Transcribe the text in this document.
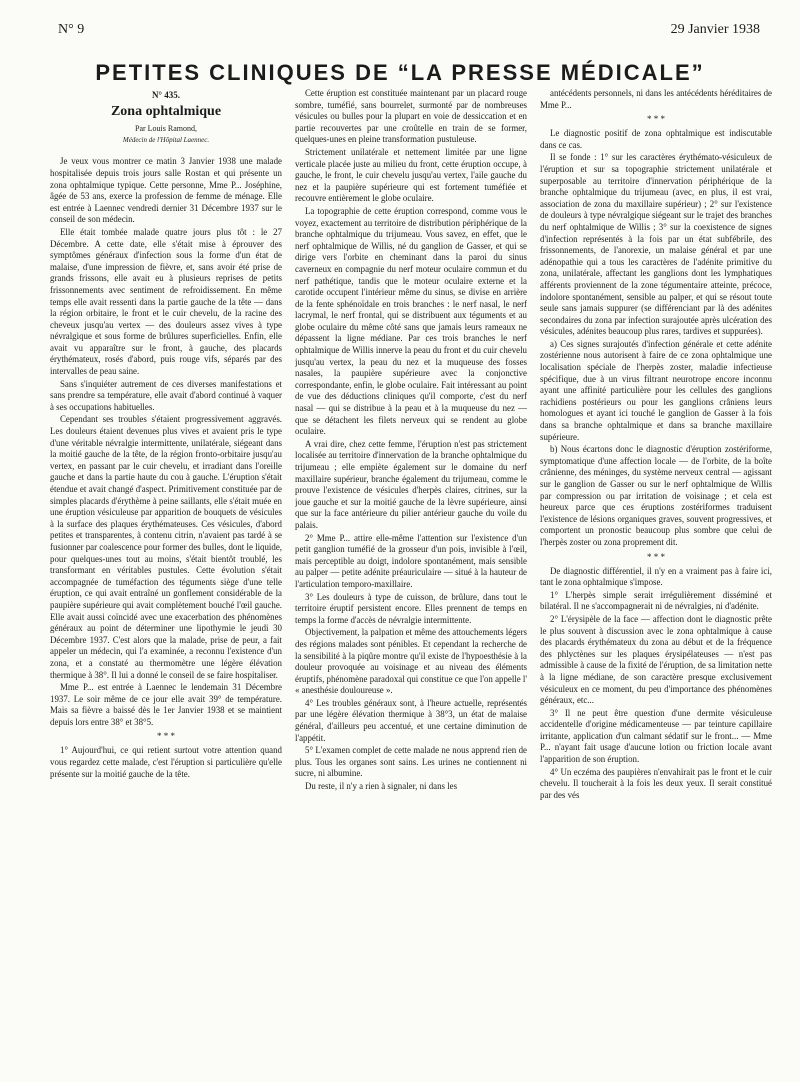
N° 9	29 Janvier 1938
PETITES CLINIQUES DE “LA PRESSE MÉDICALE”
N° 435.
Zona ophtalmique
Par Louis Ramond,
Médecin de l'Hôpital Laennec.

Je veux vous montrer ce matin 3 Janvier 1938 une malade hospitalisée depuis trois jours salle Rostan et qui présente un zona ophtalmique typique. Cette personne, Mme P... Joséphine, âgée de 53 ans, exerce la profession de femme de ménage. Elle est entrée à Laennec vendredi dernier 31 Décembre 1937 sur le conseil de son médecin.

Elle était tombée malade quatre jours plus tôt : le 27 Décembre. A cette date, elle s'était mise à éprouver des symptômes généraux d'infection sous la forme d'un état de malaise, d'une impression de fièvre, et, sans avoir été prise de grands frissons, elle avait eu à plusieurs reprises de petits frissonnements avec sentiment de refroidissement. En même temps elle avait ressenti dans la partie gauche de la tête — dans la région orbitaire, le front et le cuir chevelu, de la racine des cheveux jusqu'au vertex — des douleurs assez vives à type névralgique et sous forme de brûlures superficielles. Enfin, elle avait vu apparaître sur le front, à gauche, des placards érythémateux, rosés d'abord, puis rouge vifs, séparés par des intervalles de peau saine.

Sans s'inquiéter autrement de ces diverses manifestations et sans prendre sa température, elle avait d'abord continué à vaquer à ses occupations habituelles.

Cependant ses troubles s'étaient progressivement aggravés. Les douleurs étaient devenues plus vives et avaient pris le type d'une véritable névralgie intermittente, unilatérale, siégeant dans la moitié gauche de la tête, de la région fronto-orbitaire jusqu'au vertex, en passant par le cuir chevelu, et irradiant dans l'oreille gauche et dans la partie haute du cou à gauche. L'éruption s'était étendue et avait changé d'aspect. Primitivement constituée par de simples placards d'érythème à peine saillants, elle s'était muée en une éruption vésiculeuse par apparition de bouquets de vésicules à la surface des plaques érythémateuses. Ces vésicules, d'abord petites et transparentes, à contenu citrin, n'avaient pas tardé à se fusionner par coalescence pour former des bulles, dont le liquide, pour quelques-unes tout au moins, s'était bientôt troublé, les transformant en véritables pustules. Cette évolution s'était accompagnée de tuméfaction des téguments siège d'une telle éruption, ce qui avait entraîné un gonflement considérable de la paupière supérieure qui avait complètement bouché l'œil gauche. Elle avait aussi coïncidé avec une exacerbation des phénomènes généraux au point de déterminer une lipothymie le jeudi 30 Décembre 1937. C'est alors que la malade, prise de peur, a fait appeler un médecin, qui l'a examinée, a reconnu l'existence d'un zona, et a constaté au thermomètre une légère élévation thermique à 38°. Il lui a donné le conseil de se faire hospitaliser.

Mme P... est entrée à Laennec le lendemain 31 Décembre 1937. Le soir même de ce jour elle avait 39° de température. Mais sa fièvre a baissé dès le 1er Janvier 1938 et se maintient depuis lors entre 38° et 38°5.

* * *

1° Aujourd'hui, ce qui retient surtout votre attention quand vous regardez cette malade, c'est l'éruption si particulière qu'elle présente sur la moitié gauche de la tête.

Cette éruption est constituée maintenant par un placard rouge sombre, tuméfié, sans bourrelet, surmonté par de nombreuses vésicules ou bulles pour la plupart en voie de dessiccation et en partie recouvertes par une croûtelle en train de se former, quelques-unes en pleine transformation pustuleuse.

Strictement unilatérale et nettement limitée par une ligne verticale placée juste au milieu du front, cette éruption occupe, à gauche, le front, le cuir chevelu jusqu'au vertex, l'aile gauche du nez et la paupière supérieure qui est fortement tuméfiée et recouvre entièrement le globe oculaire.

La topographie de cette éruption correspond, comme vous le voyez, exactement au territoire de distribution périphérique de la branche ophtalmique du trijumeau. Vous savez, en effet, que le nerf ophtalmique de Willis, né du ganglion de Gasser, et qui se dirige vers l'orbite en cheminant dans la paroi du sinus caverneux en compagnie du nerf moteur oculaire commun et du nerf pathétique, tandis que le moteur oculaire externe et la carotide occupent l'intérieur même du sinus, se divise en arrière de la fente sphénoïdale en trois branches : le nerf nasal, le nerf lacrymal, le nerf frontal, qui se distribuent aux téguments et au globe oculaire du même côté sans que jamais leurs rameaux ne dépassent la ligne médiane. Par ces trois branches le nerf ophtalmique de Willis innerve la peau du front et du cuir chevelu jusqu'au vertex, la peau du nez et la muqueuse des fosses nasales, la paupière supérieure avec la conjonctive correspondante, enfin, le globe oculaire. Fait intéressant au point de vue des déductions cliniques qu'il comporte, c'est du nerf nasal — qui se distribue à la peau et à la muqueuse du nez — que se détachent les filets nerveux qui se rendent au globe oculaire.

A vrai dire, chez cette femme, l'éruption n'est pas strictement localisée au territoire d'innervation de la branche ophtalmique du trijumeau ; elle empiète également sur le domaine du nerf maxillaire supérieur, branche également du trijumeau, comme le prouve l'existence de vésicules d'herpès claires, citrines, sur la joue gauche et sur la moitié gauche de la lèvre supérieure, ainsi que sur la face antérieure du pilier antérieur gauche du voile du palais.

2° Mme P... attire elle-même l'attention sur l'existence d'un petit ganglion tuméfié de la grosseur d'un pois, invisible à l'œil, mais perceptible au doigt, indolore spontanément, mais sensible au palper — petite adénite préauriculaire — situé à la hauteur de l'articulation temporo-maxillaire.

3° Les douleurs à type de cuisson, de brûlure, dans tout le territoire éruptif persistent encore. Elles prennent de temps en temps la forme d'accès de névralgie intermittente.

Objectivement, la palpation et même des attouchements légers des régions malades sont pénibles. Et cependant la recherche de la sensibilité à la piqûre montre qu'il existe de l'hypoesthésie à la douleur provoquée au voisinage et au niveau des éléments éruptifs, phénomène paradoxal qui constitue ce que l'on appelle l' « anesthésie douloureuse ».

4° Les troubles généraux sont, à l'heure actuelle, représentés par une légère élévation thermique à 38°3, un état de malaise général, d'ailleurs peu accentué, et une certaine diminution de l'appétit.

5° L'examen complet de cette malade ne nous apprend rien de plus. Tous les organes sont sains. Les urines ne contiennent ni sucre, ni albumine.

Du reste, il n'y a rien à signaler, ni dans les

antécédents personnels, ni dans les antécédents héréditaires de Mme P...

* * *

Le diagnostic positif de zona ophtalmique est indiscutable dans ce cas.

Il se fonde : 1° sur les caractères érythémato-vésiculeux de l'éruption et sur sa topographie strictement unilatérale et superposable au territoire d'innervation périphérique de la branche ophtalmique du trijumeau (avec, en plus, il est vrai, association de zona du maxillaire supérieur) ; 2° sur l'existence de douleurs à type névralgique siégeant sur le trajet des branches du nerf ophtalmique de Willis ; 3° sur la coexistence de signes d'infection représentés à la fois par un état subfébrile, des frissonnements, de l'anorexie, un malaise général et par une adénopathie qui a tous les caractères de l'adénite primitive du zona, unilatérale, affectant les ganglions dont les lymphatiques afférents proviennent de la zone tégumentaire atteinte, précoce, indolore spontanément, sensible au palper, et qui se résout toute seule sans jamais suppurer (se différenciant par là des adénites secondaires du zona par infection surajoutée après ulcération des vésicules, adénites beaucoup plus rares, tardives et suppurées).

a) Ces signes surajoutés d'infection générale et cette adénite zostérienne nous autorisent à faire de ce zona ophtalmique une localisation spéciale de l'herpès zoster, maladie infectieuse spécifique, due à un virus filtrant neurotrope encore inconnu ayant une affinité particulière pour les cellules des ganglions rachidiens postérieurs ou pour les ganglions crâniens leurs homologues et ayant ici touché le ganglion de Gasser à la fois dans sa branche ophtalmique et dans sa branche maxillaire supérieure.

b) Nous écartons donc le diagnostic d'éruption zostériforme, symptomatique d'une affection locale — de l'orbite, de la boîte crânienne, des méninges, du système nerveux central — agissant sur le ganglion de Gasser ou sur le nerf ophtalmique de Willis par compression ou par irritation de voisinage ; et cela est heureux parce que ces éruptions zostériformes traduisent l'existence de lésions organiques graves, souvent progressives, et comportent un pronostic beaucoup plus sombre que celui de l'herpès zoster ou zona proprement dit.

* * *

De diagnostic différentiel, il n'y en a vraiment pas à faire ici, tant le zona ophtalmique s'impose.

1° L'herpès simple serait irrégulièrement disséminé et bilatéral. Il ne s'accompagnerait ni de névralgies, ni d'adénite.

2° L'érysipèle de la face — affection dont le diagnostic prête le plus souvent à discussion avec le zona ophtalmique à cause des placards érythémateux du zona au début et de la fréquence des phlyctènes sur les plaques érysipélateuses — n'est pas admissible à cause de la fixité de l'éruption, de sa limitation nette à la ligne médiane, de son caractère presque exclusivement vésiculeux en ce moment, du peu d'importance des phénomènes généraux, etc...

3° Il ne peut être question d'une dermite vésiculeuse accidentelle d'origine médicamenteuse — par teinture capillaire irritante, application d'un calmant sédatif sur le front... — Mme P... n'ayant fait usage d'aucune lotion ou friction locale avant l'apparition de son éruption.

4° Un eczéma des paupières n'envahirait pas le front et le cuir chevelu. Il toucherait à la fois les deux yeux. Il serait constitué par des vés
